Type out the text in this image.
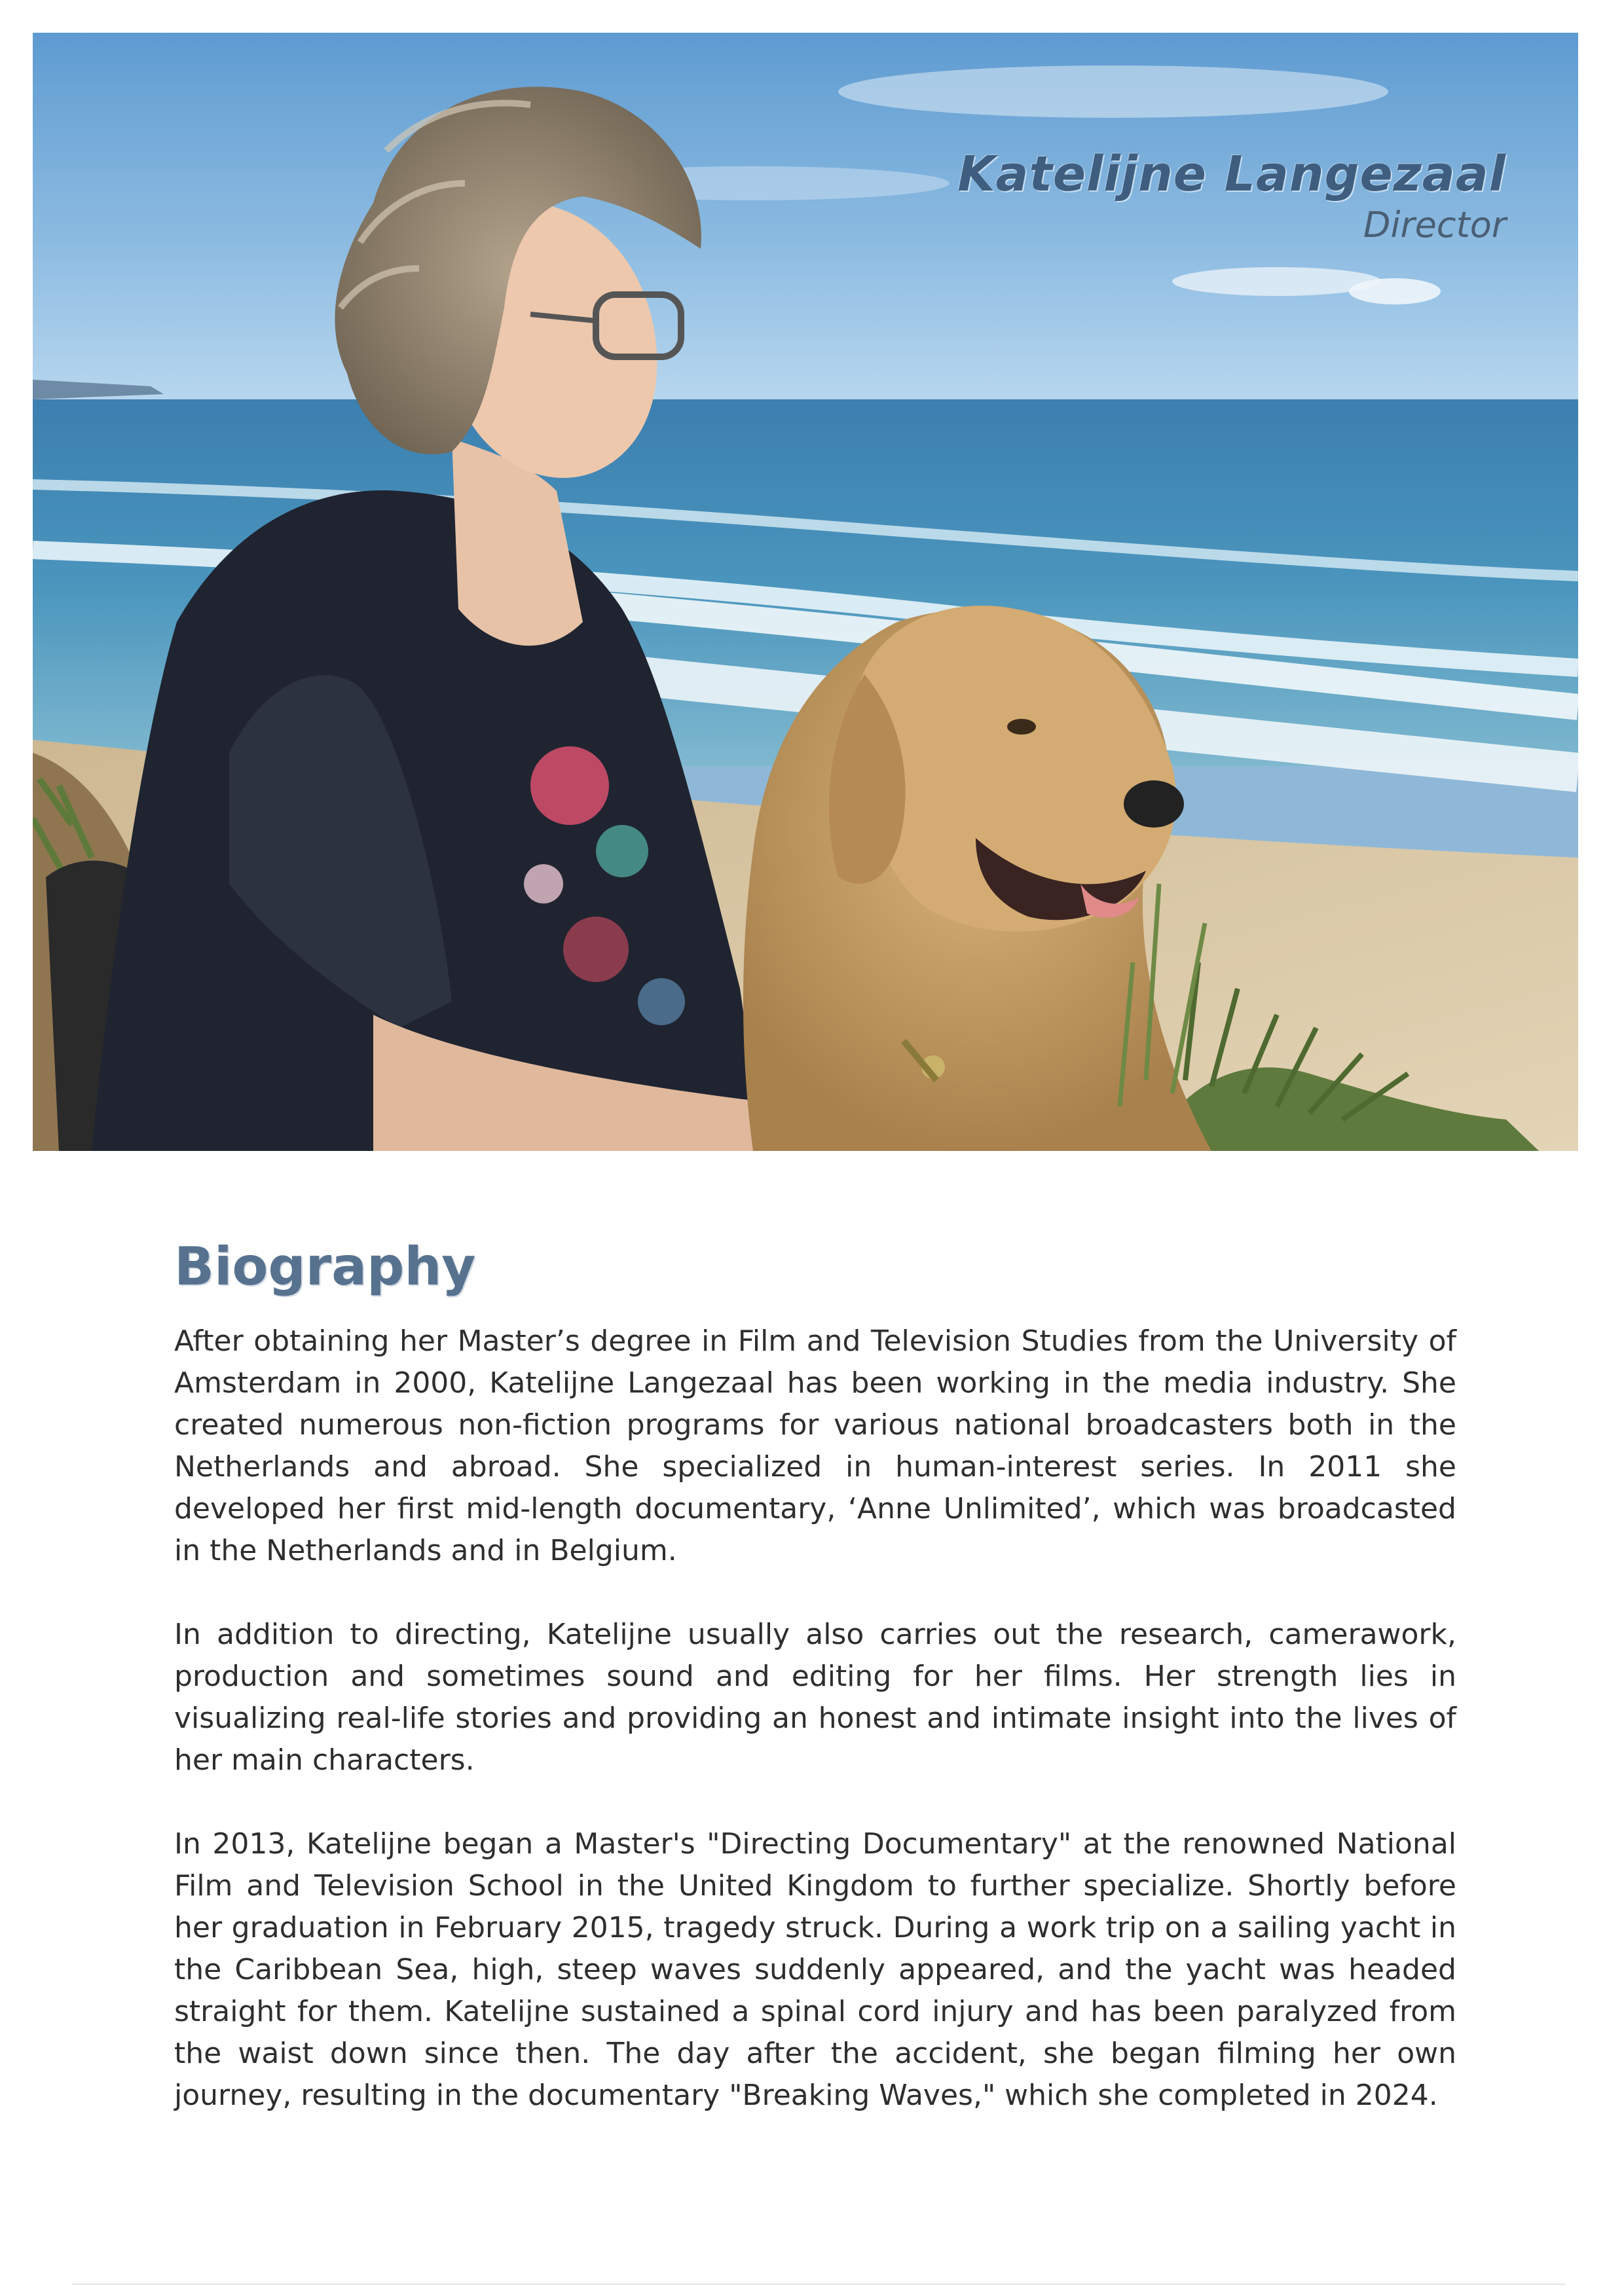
Katelijne Langezaal
Director
Biography

After obtaining her Master’s degree in Film and Television Studies from the University of Amsterdam in 2000, Katelijne Langezaal has been working in the media industry. She created numerous non-fiction programs for various national broadcasters both in the Netherlands and abroad. She specialized in human-interest series. In 2011 she developed her first mid-length documentary, ‘Anne Unlimited’, which was broadcasted in the Netherlands and in Belgium.

In addition to directing, Katelijne usually also carries out the research, camerawork, production and sometimes sound and editing for her films. Her strength lies in visualizing real-life stories and providing an honest and intimate insight into the lives of her main characters.

In 2013, Katelijne began a Master's "Directing Documentary" at the renowned National Film and Television School in the United Kingdom to further specialize. Shortly before her graduation in February 2015, tragedy struck. During a work trip on a sailing yacht in the Caribbean Sea, high, steep waves suddenly appeared, and the yacht was headed straight for them. Katelijne sustained a spinal cord injury and has been paralyzed from the waist down since then. The day after the accident, she began filming her own journey, resulting in the documentary "Breaking Waves," which she completed in 2024.
